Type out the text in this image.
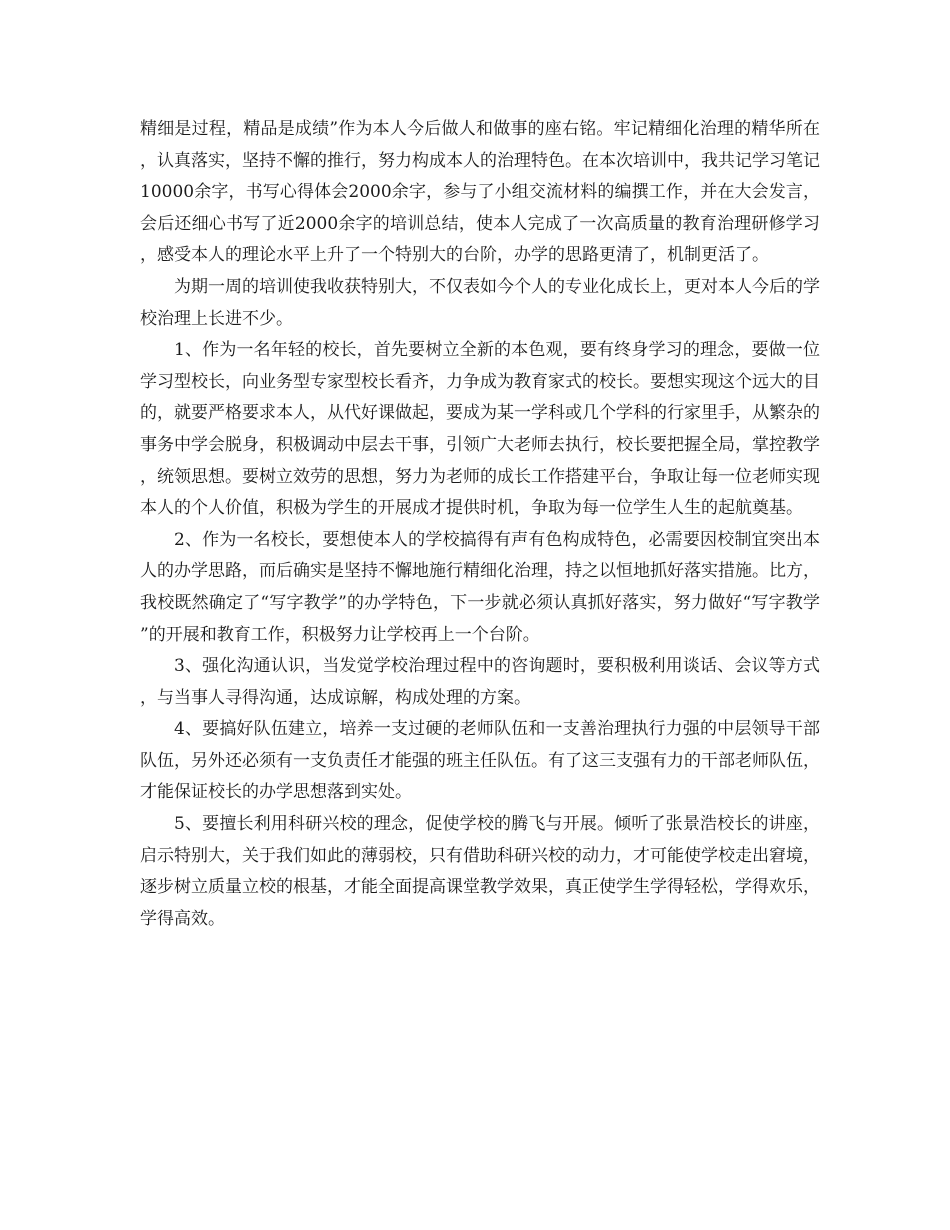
精细是过程，精品是成绩”作为本人今后做人和做事的座右铭。牢记精细化治理的精华所在，认真落实，坚持不懈的推行，努力构成本人的治理特色。在本次培训中，我共记学习笔记10000余字，书写心得体会2000余字，参与了小组交流材料的编撰工作，并在大会发言，会后还细心书写了近2000余字的培训总结，使本人完成了一次高质量的教育治理研修学习，感受本人的理论水平上升了一个特别大的台阶，办学的思路更清了，机制更活了。

为期一周的培训使我收获特别大，不仅表如今个人的专业化成长上，更对本人今后的学校治理上长进不少。

1、作为一名年轻的校长，首先要树立全新的本色观，要有终身学习的理念，要做一位学习型校长，向业务型专家型校长看齐，力争成为教育家式的校长。要想实现这个远大的目的，就要严格要求本人，从代好课做起，要成为某一学科或几个学科的行家里手，从繁杂的事务中学会脱身，积极调动中层去干事，引领广大老师去执行，校长要把握全局，掌控教学，统领思想。要树立效劳的思想，努力为老师的成长工作搭建平台，争取让每一位老师实现本人的个人价值，积极为学生的开展成才提供时机，争取为每一位学生人生的起航奠基。

2、作为一名校长，要想使本人的学校搞得有声有色构成特色，必需要因校制宜突出本人的办学思路，而后确实是坚持不懈地施行精细化治理，持之以恒地抓好落实措施。比方，我校既然确定了“写字教学”的办学特色，下一步就必须认真抓好落实，努力做好“写字教学”的开展和教育工作，积极努力让学校再上一个台阶。

3、强化沟通认识，当发觉学校治理过程中的咨询题时，要积极利用谈话、会议等方式，与当事人寻得沟通，达成谅解，构成处理的方案。

4、要搞好队伍建立，培养一支过硬的老师队伍和一支善治理执行力强的中层领导干部队伍，另外还必须有一支负责任才能强的班主任队伍。有了这三支强有力的干部老师队伍，才能保证校长的办学思想落到实处。

5、要擅长利用科研兴校的理念，促使学校的腾飞与开展。倾听了张景浩校长的讲座，启示特别大，关于我们如此的薄弱校，只有借助科研兴校的动力，才可能使学校走出窘境，逐步树立质量立校的根基，才能全面提高课堂教学效果，真正使学生学得轻松，学得欢乐，学得高效。
